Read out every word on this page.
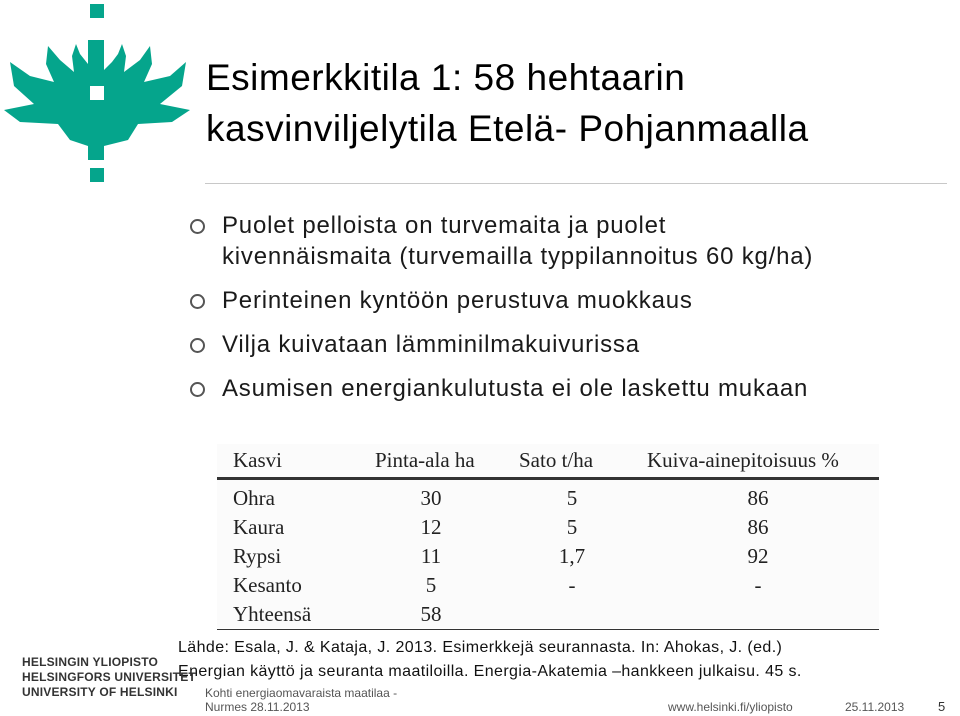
Esimerkkitila 1: 58 hehtaarin
kasvinviljelytila Etelä- Pohjanmaalla
Puolet pelloista on turvemaita ja puolet
kivennäismaita (turvemailla typpilannoitus 60 kg/ha)
Perinteinen kyntöön perustuva muokkaus
Vilja kuivataan lämminilmakuivurissa
Asumisen energiankulutusta ei ole laskettu mukaan
Kasvi	Pinta-ala ha	Sato t/ha	Kuiva-ainepitoisuus %
Ohra	30	5	86
Kaura	12	5	86
Rypsi	11	1,7	92
Kesanto	5	-	-
Yhteensä	58		
Lähde: Esala, J. & Kataja, J. 2013. Esimerkkejä seurannasta. In: Ahokas, J. (ed.)
Energian käyttö ja seuranta maatiloilla. Energia-Akatemia –hankkeen julkaisu. 45 s.
HELSINGIN YLIOPISTO
HELSINGFORS UNIVERSITET
UNIVERSITY OF HELSINKI	Kohti energiaomavaraista maatilaa -
Nurmes 28.11.2013	www.helsinki.fi/yliopisto	25.11.2013	5
